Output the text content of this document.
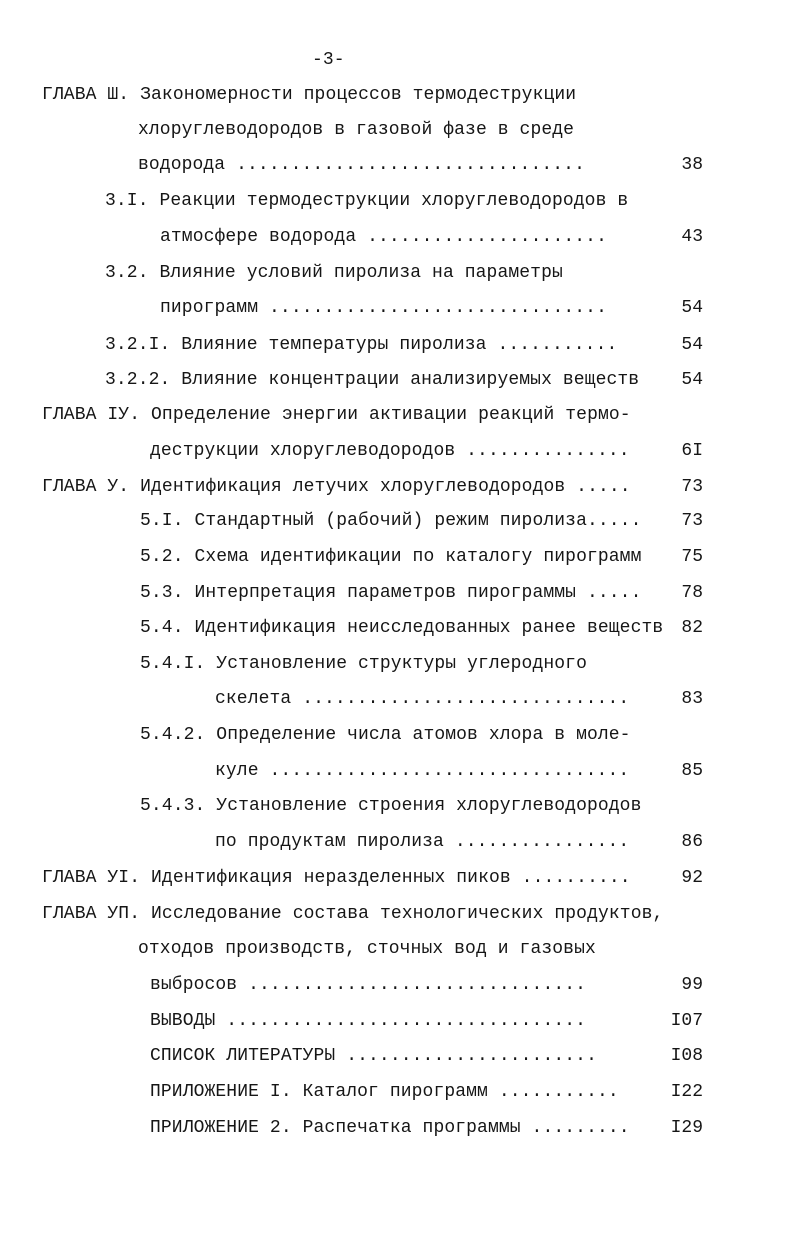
-3-
ГЛАВА Ш. Закономерности процессов термодеструкции
хлоруглеводородов в газовой фазе в среде
водорода ................................	38
3.I. Реакции термодеструкции хлоруглеводородов в
атмосфере водорода ......................	43
3.2. Влияние условий пиролиза на параметры
пирограмм ...............................	54
3.2.I. Влияние температуры пиролиза ...........	54
3.2.2. Влияние концентрации анализируемых веществ 54
ГЛАВА IУ. Определение энергии активации реакций термо-
деструкции хлоруглеводородов ...............	6I
ГЛАВА У. Идентификация летучих хлоруглеводородов .....	73
5.I. Стандартный (рабочий) режим пиролиза..... 73
5.2. Схема идентификации по каталогу пирограмм 75
5.3. Интерпретация параметров пирограммы ..... 78
5.4. Идентификация неисследованных ранее веществ 82
5.4.I. Установление структуры углеродного
скелета ..............................	83
5.4.2. Определение числа атомов хлора в моле-
куле .................................	85
5.4.3. Установление строения хлоруглеводородов
по продуктам пиролиза ................	86
ГЛАВА УI. Идентификация неразделенных пиков ..........	92
ГЛАВА УП. Исследование состава технологических продуктов,
отходов производств, сточных вод и газовых
выбросов ...............................	99
ВЫВОДЫ .................................	I07
СПИСОК ЛИТЕРАТУРЫ .......................	I08
ПРИЛОЖЕНИЕ I. Каталог пирограмм ...........	I22
ПРИЛОЖЕНИЕ 2. Распечатка программы ......... I29
